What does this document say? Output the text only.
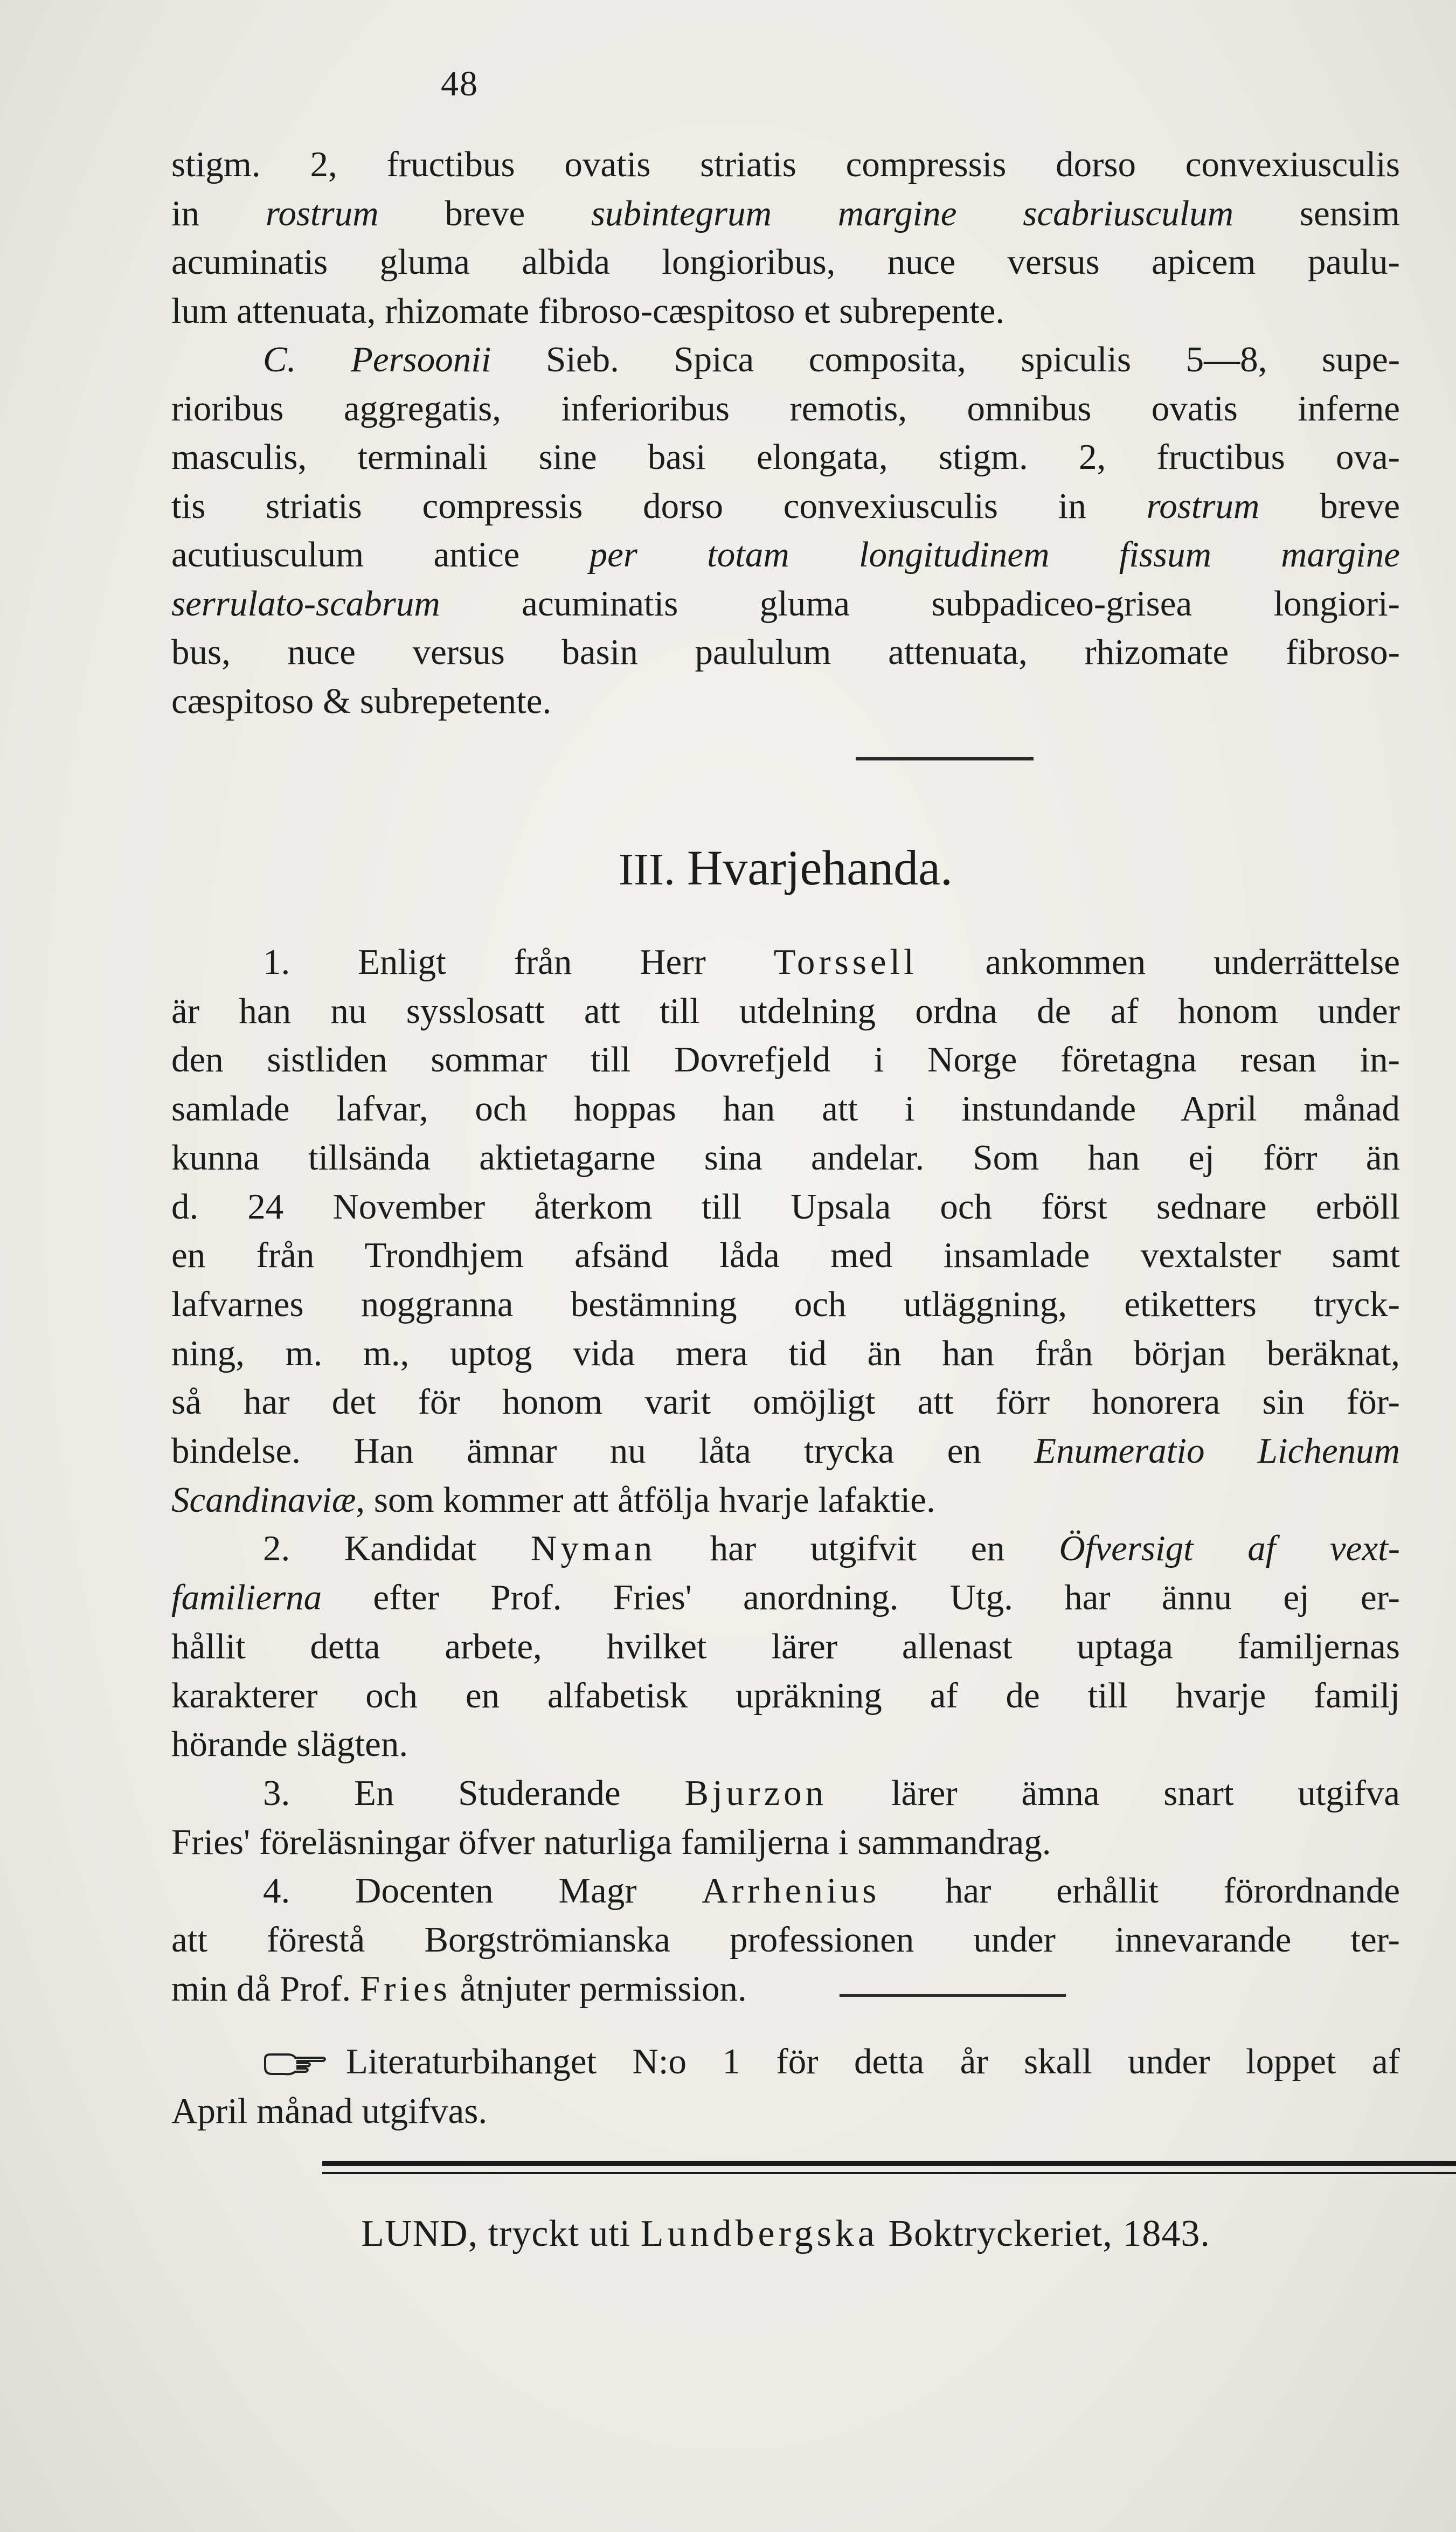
48
stigm. 2, fructibus ovatis striatis compressis dorso convexiusculis
in rostrum breve subintegrum margine scabriusculum sensim
acuminatis gluma albida longioribus, nuce versus apicem paulu-
lum attenuata, rhizomate fibroso-cæspitoso et subrepente.
C. Persoonii Sieb. Spica composita, spiculis 5—8, supe-
rioribus aggregatis, inferioribus remotis, omnibus ovatis inferne
masculis, terminali sine basi elongata, stigm. 2, fructibus ova-
tis striatis compressis dorso convexiusculis in rostrum breve
acutiusculum antice per totam longitudinem fissum margine
serrulato-scabrum acuminatis gluma subpadiceo-grisea longiori-
bus, nuce versus basin paululum attenuata, rhizomate fibroso-
cæspitoso & subrepetente.
III. Hvarjehanda.
1. Enligt från Herr Torssell ankommen underrättelse
är han nu sysslosatt att till utdelning ordna de af honom under
den sistliden sommar till Dovrefjeld i Norge företagna resan in-
samlade lafvar, och hoppas han att i instundande April månad
kunna tillsända aktietagarne sina andelar. Som han ej förr än
d. 24 November återkom till Upsala och först sednare erböll
en från Trondhjem afsänd låda med insamlade vextalster samt
lafvarnes noggranna bestämning och utläggning, etiketters tryck-
ning, m. m., uptog vida mera tid än han från början beräknat,
så har det för honom varit omöjligt att förr honorera sin för-
bindelse. Han ämnar nu låta trycka en Enumeratio Lichenum
Scandinaviæ, som kommer att åtfölja hvarje lafaktie.
2. Kandidat Nyman har utgifvit en Öfversigt af vext-
familierna efter Prof. Fries' anordning. Utg. har ännu ej er-
hållit detta arbete, hvilket lärer allenast uptaga familjernas
karakterer och en alfabetisk upräkning af de till hvarje familj
hörande slägten.
3. En Studerande Bjurzon lärer ämna snart utgifva
Fries' föreläsningar öfver naturliga familjerna i sammandrag.
4. Docenten Magr Arrhenius har erhållit förordnande
att förestå Borgströmianska professionen under innevarande ter-
min då Prof. Fries åtnjuter permission.
Literaturbihanget N:o 1 för detta år skall under loppet af
April månad utgifvas.
LUND, tryckt uti Lundbergska Boktryckeriet, 1843.
